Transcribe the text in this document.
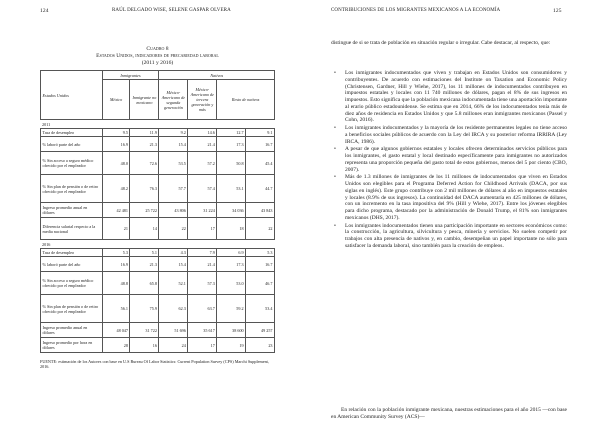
124	RAÚL DELGADO WISE, SELENE GASPAR OLVERA
Cuadro 8
Estados Unidos, indicadores de precariedad laboral
(2011 y 2016)
Estados Unidos	Inmigrantes		Nativos			
	México	Inmigrante no mexicano	México-Americano de segunda generación	México-Americano de tercera generación y más	Resto de nativos	
2011						
Tasa de desempleo	9.5	11.9	9.2	14.6	12.7	9.1
% laboró parte del año	16.9	21.3	15.4	21.4	17.3	16.7
% Sin acceso a seguro médico ofrecido por el empleador	48.0	72.6	53.5	57.2	50.8	45.4
% Sin plan de pensión o de retiro ofrecido por el empleador	48.2	76.3	57.7	57.4	53.1	44.7
Ingreso promedio anual en dólares	42 481	25 722	43 806	31 224	34 036	43 843
Diferencia salarial respecto a la media nacional	21	14	22	17	18	22
2016						
Tasa de desempleo	5.3	5.1	4.3	7.9	6.9	5.3
% laboró parte del año	16.9	21.3	15.4	21.4	17.3	16.7
% Sin acceso a seguro médico ofrecido por el empleador	48.8	65.8	52.1	57.3	53.0	46.7
% Sin plan de pensión o de retiro ofrecido por el empleador	56.1	75.9	62.3	63.7	59.2	53.4
Ingreso promedio anual en dólares	48 047	31 722	51 696	35 617	38 600	49 257
Ingreso promedio por hora en dólares	28	16	24	17	19	23
FUENTE: estimación de los Autores con base en U.S Bureau Of Labor Statistics: Current Population Survey (CPS) Marchi Supplement, 2016.
CONTRIBUCIONES DE LOS MIGRANTES MEXICANOS A LA ECONOMÍA	125
distingue de si se trata de población en situación regular o irregular. Cabe destacar, al respecto, que:
• Los inmigrantes indocumentados que viven y trabajan en Estados Unidos son consumidores y contribuyentes. De acuerdo con estimaciones del Institute on Taxation and Economic Policy (Christensen, Gardner, Hill y Wiehe, 2017), los 11 millones de indocumentados contribuyen en impuestos estatales y locales con 11 740 millones de dólares, pagan el 8% de sus ingresos en impuestos. Esto significa que la población mexicana indocumentada tiene una aportación importante al erario público estadounidense. Se estima que en 2014, 66% de los indocumentados tenía más de diez años de residencia en Estados Unidos y que 5.8 millones eran inmigrantes mexicanos (Passel y Cohn, 2016).
• Los inmigrantes indocumentados y la mayoría de los residente permanentes legales no tiene acceso a beneficios sociales públicos de acuerdo con la Ley del IRCA y su posterior reforma IRRIRA (Ley IRCA, 1986).
• A pesar de que algunos gobiernos estatales y locales ofrecen determinados servicios públicos para los inmigrantes, el gasto estatal y local destinado específicamente para inmigrantes no autorizados representa una proporción pequeña del gasto total de estos gobiernos, menos del 5 por ciento (CBO, 2007).
• Más de 1.3 millones de inmigrantes de los 11 millones de indocumentados que viven en Estados Unidos son elegibles para el Programa Deferred Action for Childhood Arrivals (DACA, por sus siglas en inglés). Este grupo contribuye con 2 mil millones de dólares al año en impuestos estatales y locales (8.9% de sus ingresos). La continuidad del DACA aumentaría en 425 millones de dólares, con un incremento en la tasa impositiva del 9% (Hill y Wiehe, 2017). Entre los jóvenes elegibles para dicho programa, destacado por la administración de Donald Trump, el 81% son inmigrantes mexicanos (DHS, 2017).
• Los inmigrantes indocumentados tienen una participación importante en sectores económicos como: la construcción, la agricultura, silvicultura y pesca, minería y servicios. No suelen competir por trabajos con alta presencia de nativos y, en cambio, desempeñan un papel importante no sólo para satisfacer la demanda laboral, sino también para la creación de empleos.
En relación con la población inmigrante mexicana, nuestras estimaciones para el año 2015 —con base en American Community Survey (ACS)—
